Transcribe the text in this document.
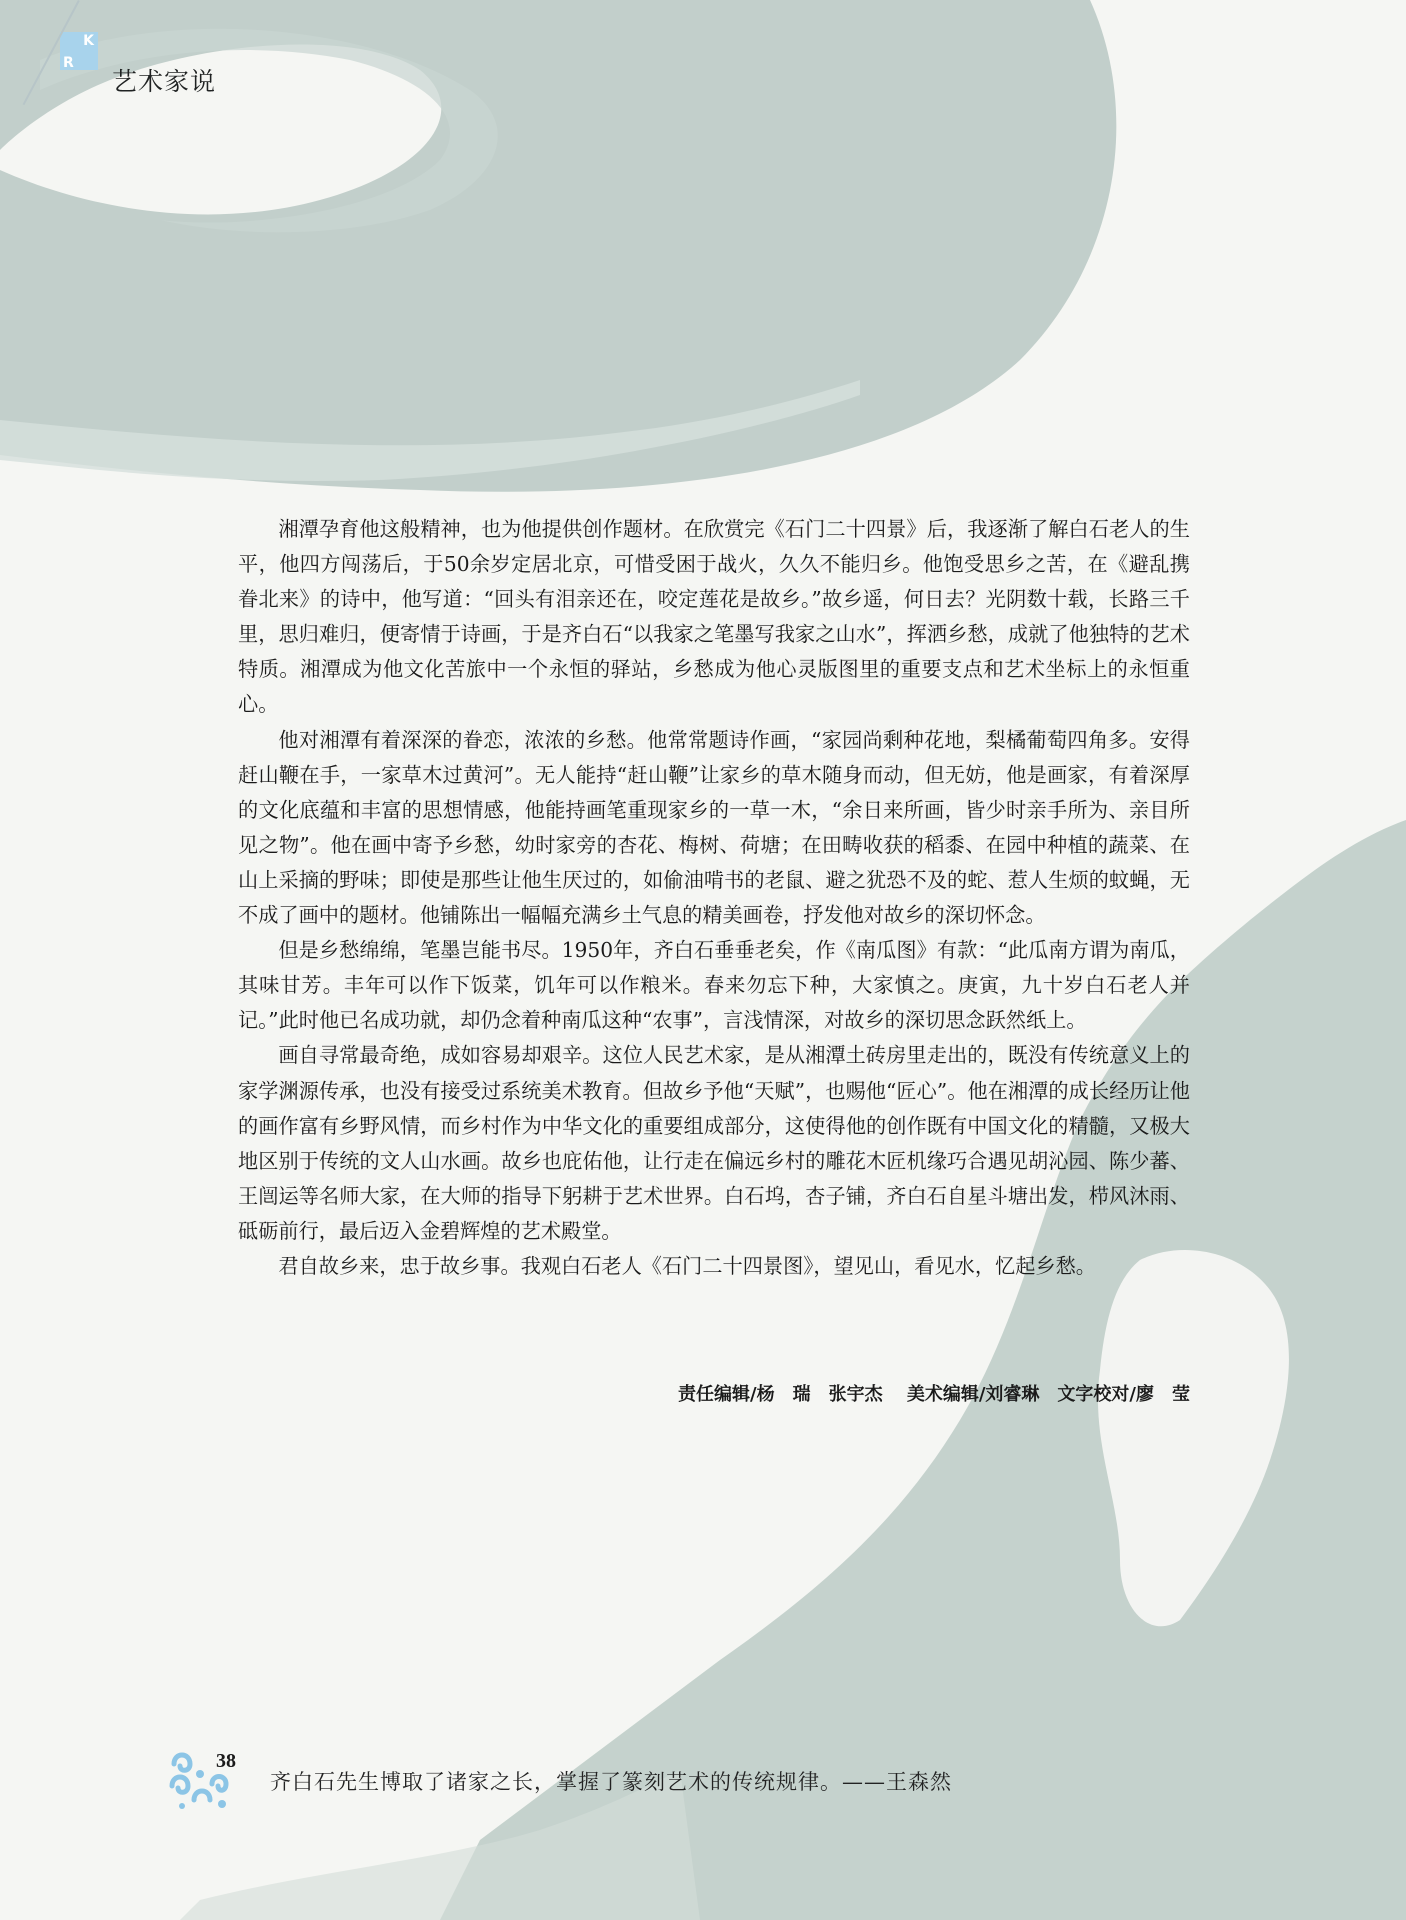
K
R
艺术家说

湘潭孕育他这般精神，也为他提供创作题材。在欣赏完《石门二十四景》后，我逐渐了解白石老人的生平，他四方闯荡后，于50余岁定居北京，可惜受困于战火，久久不能归乡。他饱受思乡之苦，在《避乱携眷北来》的诗中，他写道：“回头有泪亲还在，咬定莲花是故乡。”故乡遥，何日去？光阴数十载，长路三千里，思归难归，便寄情于诗画，于是齐白石“以我家之笔墨写我家之山水”，挥洒乡愁，成就了他独特的艺术特质。湘潭成为他文化苦旅中一个永恒的驿站，乡愁成为他心灵版图里的重要支点和艺术坐标上的永恒重心。

他对湘潭有着深深的眷恋，浓浓的乡愁。他常常题诗作画，“家园尚剩种花地，梨橘葡萄四角多。安得赶山鞭在手，一家草木过黄河”。无人能持“赶山鞭”让家乡的草木随身而动，但无妨，他是画家，有着深厚的文化底蕴和丰富的思想情感，他能持画笔重现家乡的一草一木，“余日来所画，皆少时亲手所为、亲目所见之物”。他在画中寄予乡愁，幼时家旁的杏花、梅树、荷塘；在田畴收获的稻黍、在园中种植的蔬菜、在山上采摘的野味；即使是那些让他生厌过的，如偷油啃书的老鼠、避之犹恐不及的蛇、惹人生烦的蚊蝇，无不成了画中的题材。他铺陈出一幅幅充满乡土气息的精美画卷，抒发他对故乡的深切怀念。

但是乡愁绵绵，笔墨岂能书尽。1950年，齐白石垂垂老矣，作《南瓜图》有款：“此瓜南方谓为南瓜，其味甘芳。丰年可以作下饭菜，饥年可以作粮米。春来勿忘下种，大家慎之。庚寅，九十岁白石老人并记。”此时他已名成功就，却仍念着种南瓜这种“农事”，言浅情深，对故乡的深切思念跃然纸上。

画自寻常最奇绝，成如容易却艰辛。这位人民艺术家，是从湘潭土砖房里走出的，既没有传统意义上的家学渊源传承，也没有接受过系统美术教育。但故乡予他“天赋”，也赐他“匠心”。他在湘潭的成长经历让他的画作富有乡野风情，而乡村作为中华文化的重要组成部分，这使得他的创作既有中国文化的精髓，又极大地区别于传统的文人山水画。故乡也庇佑他，让行走在偏远乡村的雕花木匠机缘巧合遇见胡沁园、陈少蕃、王闿运等名师大家，在大师的指导下躬耕于艺术世界。白石坞，杏子铺，齐白石自星斗塘出发，栉风沐雨、砥砺前行，最后迈入金碧辉煌的艺术殿堂。

君自故乡来，忠于故乡事。我观白石老人《石门二十四景图》，望见山，看见水，忆起乡愁。

责任编辑/杨　瑞　张宇杰　 美术编辑/刘睿琳　文字校对/廖　莹
38
齐白石先生博取了诸家之长，掌握了篆刻艺术的传统规律。——王森然
